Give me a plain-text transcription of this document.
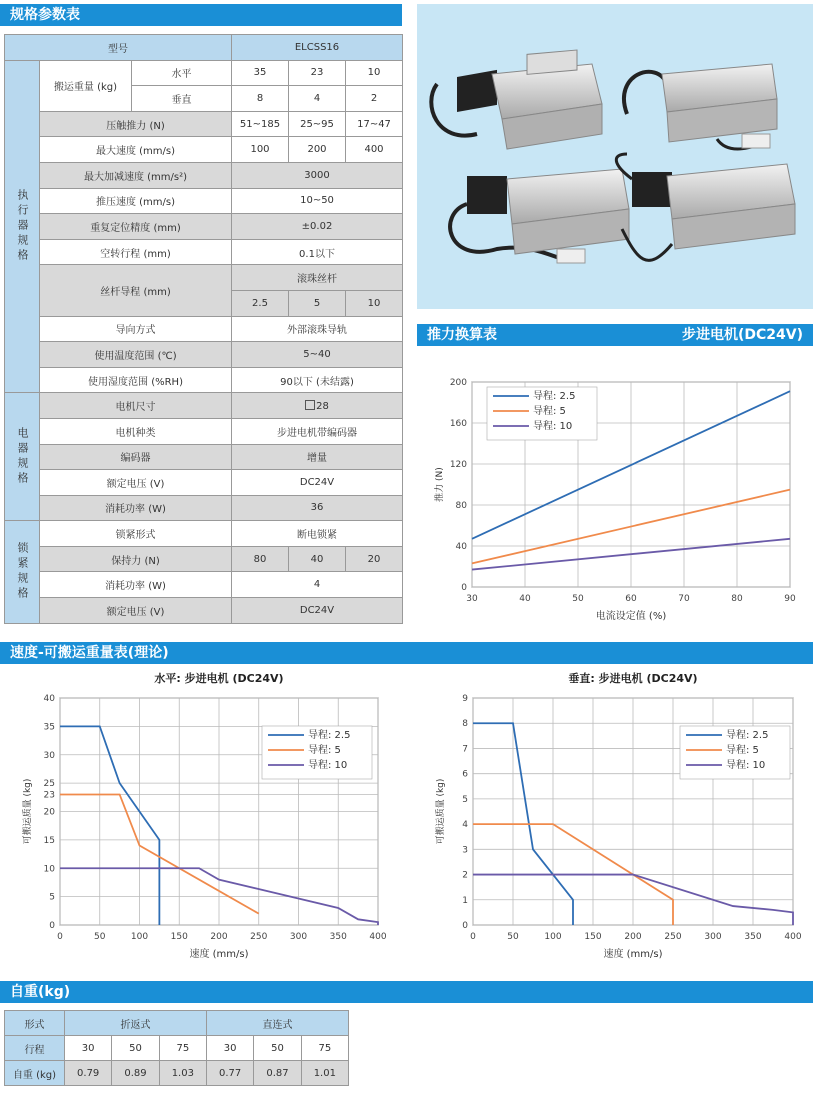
规格参数表
型号			ELCSS16		
执行器规格	搬运重量 (kg)	水平	35	23	10
		垂直	8	4	2
	压触推力 (N)		51~185	25~95	17~47
	最大速度 (mm/s)		100	200	400
	最大加减速度 (mm/s²)		3000		
	推压速度 (mm/s)		10~50		
	重复定位精度 (mm)		±0.02		
	空转行程 (mm)		0.1以下		
	丝杆导程 (mm)		滚珠丝杆		
			2.5	5	10
	导向方式		外部滚珠导轨		
	使用温度范围 (℃)		5~40		
	使用湿度范围 (%RH)		90以下 (未结露)		
电器规格	电机尺寸		28		
	电机种类		步进电机带编码器		
	编码器		增量		
	额定电压 (V)		DC24V		
	消耗功率 (W)		36		
锁紧规格	锁紧形式		断电锁紧		
	保持力 (N)		80	40	20
	消耗功率 (W)		4		
	额定电压 (V)		DC24V		
推力换算表	步进电机(DC24V)
30	40	50	60	70	80	90
0
40
80
120
160
200
电流设定值 (%)
推力 (N)
导程: 2.5
导程: 5
导程: 10
速度-可搬运重量表(理论)
水平: 步进电机 (DC24V)
0	50	100	150	200	250	300	350	400
0
5
10
15
20
23
25
30
35
40
速度 (mm/s)
可搬运质量 (kg)
导程: 2.5
导程: 5
导程: 10
垂直: 步进电机 (DC24V)
0	50	100	150	200	250	300	350	400
0
1
2
3
4
5
6
7
8
9
速度 (mm/s)
可搬运质量 (kg)
导程: 2.5
导程: 5
导程: 10
自重(kg)
形式	折返式			直连式		
行程	30	50	75	30	50	75
自重 (kg)	0.79	0.89	1.03	0.77	0.87	1.01
